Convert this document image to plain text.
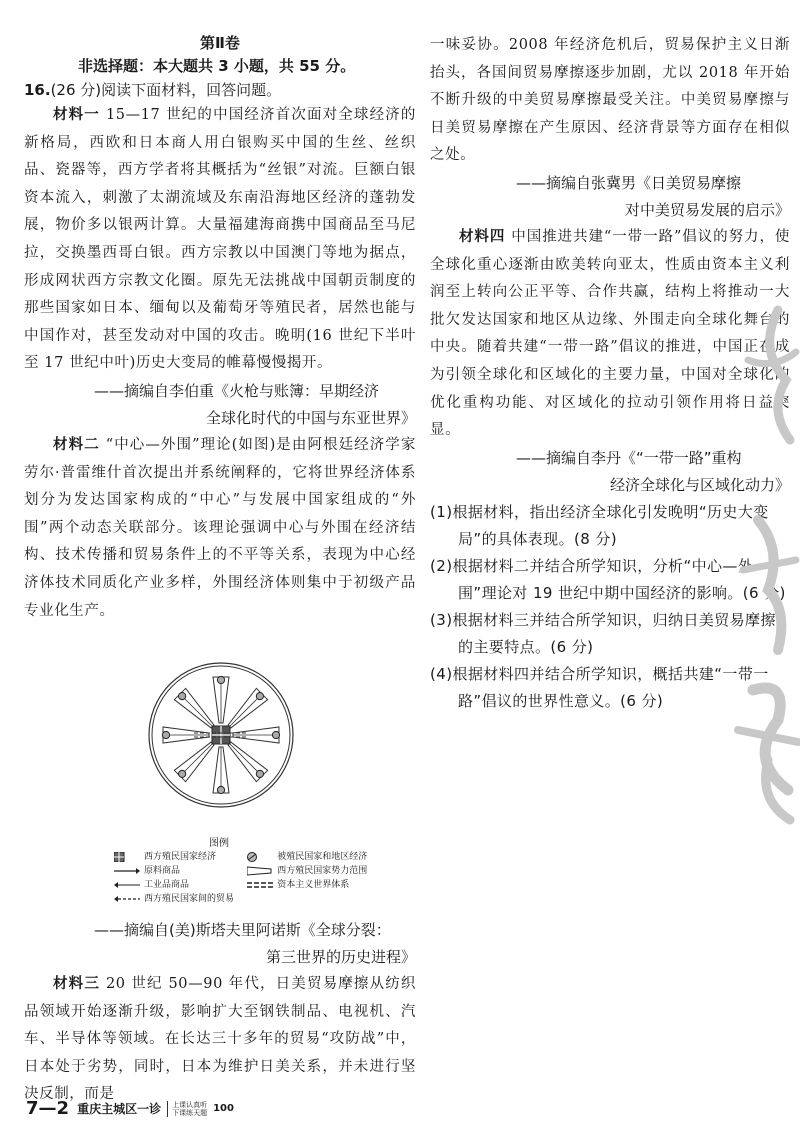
第Ⅱ卷

非选择题：本大题共 3 小题，共 55 分。

16.(26 分)阅读下面材料，回答问题。

材料一 15—17 世纪的中国经济首次面对全球经济的新格局，西欧和日本商人用白银购买中国的生丝、丝织品、瓷器等，西方学者将其概括为“丝银”对流。巨额白银资本流入，刺激了太湖流域及东南沿海地区经济的蓬勃发展，物价多以银两计算。大量福建海商携中国商品至马尼拉，交换墨西哥白银。西方宗教以中国澳门等地为据点，形成网状西方宗教文化圈。原先无法挑战中国朝贡制度的那些国家如日本、缅甸以及葡萄牙等殖民者，居然也能与中国作对，甚至发动对中国的攻击。晚明(16 世纪下半叶至 17 世纪中叶)历史大变局的帷幕慢慢揭开。

——摘编自李伯重《火枪与账簿：早期经济
全球化时代的中国与东亚世界》

材料二 “中心—外围”理论(如图)是由阿根廷经济学家劳尔·普雷维什首次提出并系统阐释的，它将世界经济体系划分为发达国家构成的“中心”与发展中国家组成的“外围”两个动态关联部分。该理论强调中心与外围在经济结构、技术传播和贸易条件上的不平等关系，表现为中心经济体技术同质化产业多样，外围经济体则集中于初级产品专业化生产。

图例
西方殖民国家经济	被殖民国家和地区经济
原料商品	西方殖民国家势力范围
工业品商品	资本主义世界体系
西方殖民国家间的贸易
——摘编自(美)斯塔夫里阿诺斯《全球分裂：
第三世界的历史进程》

材料三 20 世纪 50—90 年代，日美贸易摩擦从纺织品领域开始逐渐升级，影响扩大至钢铁制品、电视机、汽车、半导体等领域。在长达三十多年的贸易“攻防战”中，日本处于劣势，同时，日本为维护日美关系，并未进行坚决反制，而是

一味妥协。2008 年经济危机后，贸易保护主义日渐抬头，各国间贸易摩擦逐步加剧，尤以 2018 年开始不断升级的中美贸易摩擦最受关注。中美贸易摩擦与日美贸易摩擦在产生原因、经济背景等方面存在相似之处。

——摘编自张冀男《日美贸易摩擦
对中美贸易发展的启示》

材料四 中国推进共建“一带一路”倡议的努力，使全球化重心逐渐由欧美转向亚太，性质由资本主义利润至上转向公正平等、合作共赢，结构上将推动一大批欠发达国家和地区从边缘、外围走向全球化舞台的中央。随着共建“一带一路”倡议的推进，中国正在成为引领全球化和区域化的主要力量，中国对全球化的优化重构功能、对区域化的拉动引领作用将日益突显。

——摘编自李丹《“一带一路”重构
经济全球化与区域化动力》

(1)根据材料，指出经济全球化引发晚明“历史大变局”的具体表现。(8 分)

(2)根据材料二并结合所学知识，分析“中心—外围”理论对 19 世纪中期中国经济的影响。(6 分)

(3)根据材料三并结合所学知识，归纳日美贸易摩擦的主要特点。(6 分)

(4)根据材料四并结合所学知识，概括共建“一带一路”倡议的世界性意义。(6 分)

7—2 重庆主城区一诊	上课认真听
下课练天题 100
